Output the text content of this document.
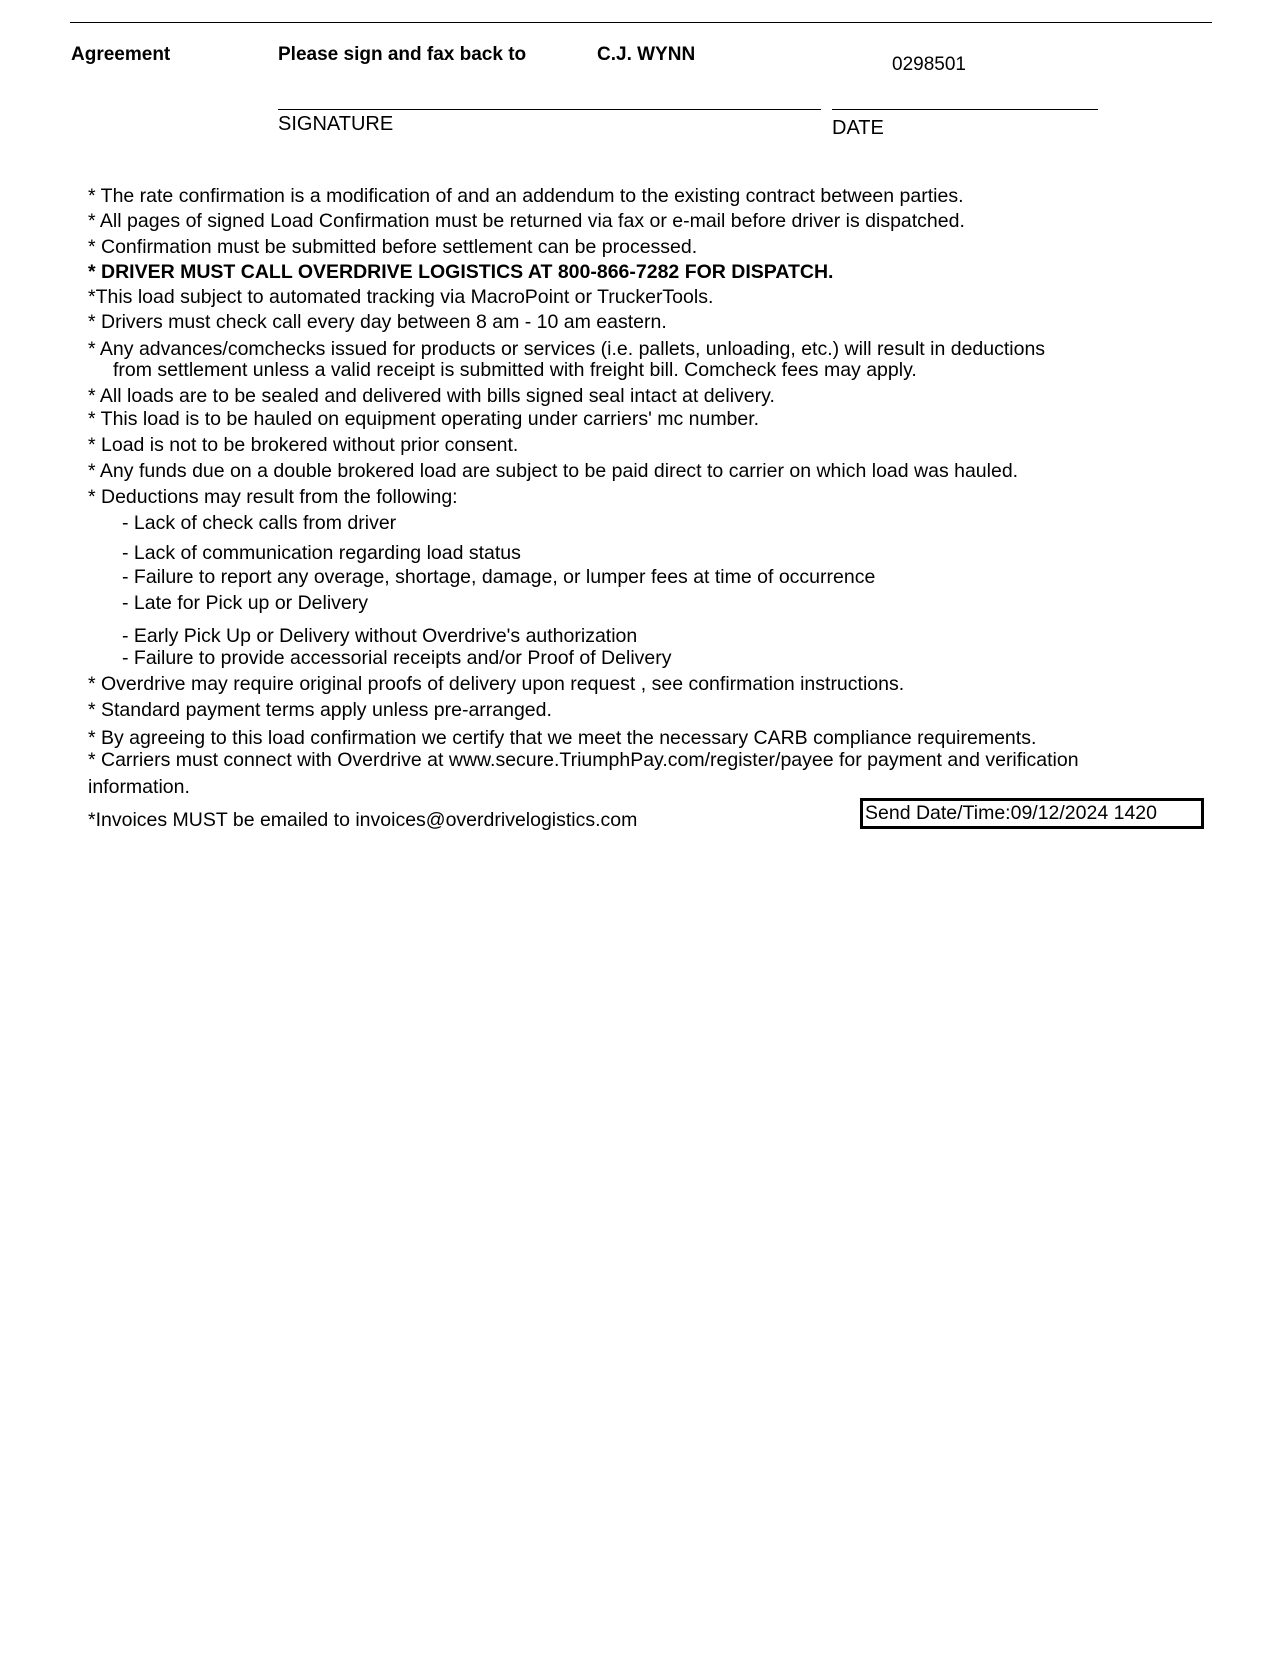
Agreement	Please sign and fax back to	C.J. WYNN	0298501
SIGNATURE	DATE
* The rate confirmation is a modification of and an addendum to the existing contract between parties.
* All pages of signed Load Confirmation must be returned via fax or e-mail before driver is dispatched.
* Confirmation must be submitted before settlement can be processed.
* DRIVER MUST CALL OVERDRIVE LOGISTICS AT 800-866-7282 FOR DISPATCH.
*This load subject to automated tracking via MacroPoint or TruckerTools.
* Drivers must check call every day between 8 am - 10 am eastern.
* Any advances/comchecks issued for products or services (i.e. pallets, unloading, etc.) will result in deductions
from settlement unless a valid receipt is submitted with freight bill. Comcheck fees may apply.
* All loads are to be sealed and delivered with bills signed seal intact at delivery.
* This load is to be hauled on equipment operating under carriers' mc number.
* Load is not to be brokered without prior consent.
* Any funds due on a double brokered load are subject to be paid direct to carrier on which load was hauled.
* Deductions may result from the following:
- Lack of check calls from driver
- Lack of communication regarding load status
- Failure to report any overage, shortage, damage, or lumper fees at time of occurrence
- Late for Pick up or Delivery
- Early Pick Up or Delivery without Overdrive's authorization
- Failure to provide accessorial receipts and/or Proof of Delivery
* Overdrive may require original proofs of delivery upon request , see confirmation instructions.
* Standard payment terms apply unless pre-arranged.
* By agreeing to this load confirmation we certify that we meet the necessary CARB compliance requirements.
* Carriers must connect with Overdrive at www.secure.TriumphPay.com/register/payee for payment and verification
information.
*Invoices MUST be emailed to invoices@overdrivelogistics.com	Send Date/Time:09/12/2024 1420
